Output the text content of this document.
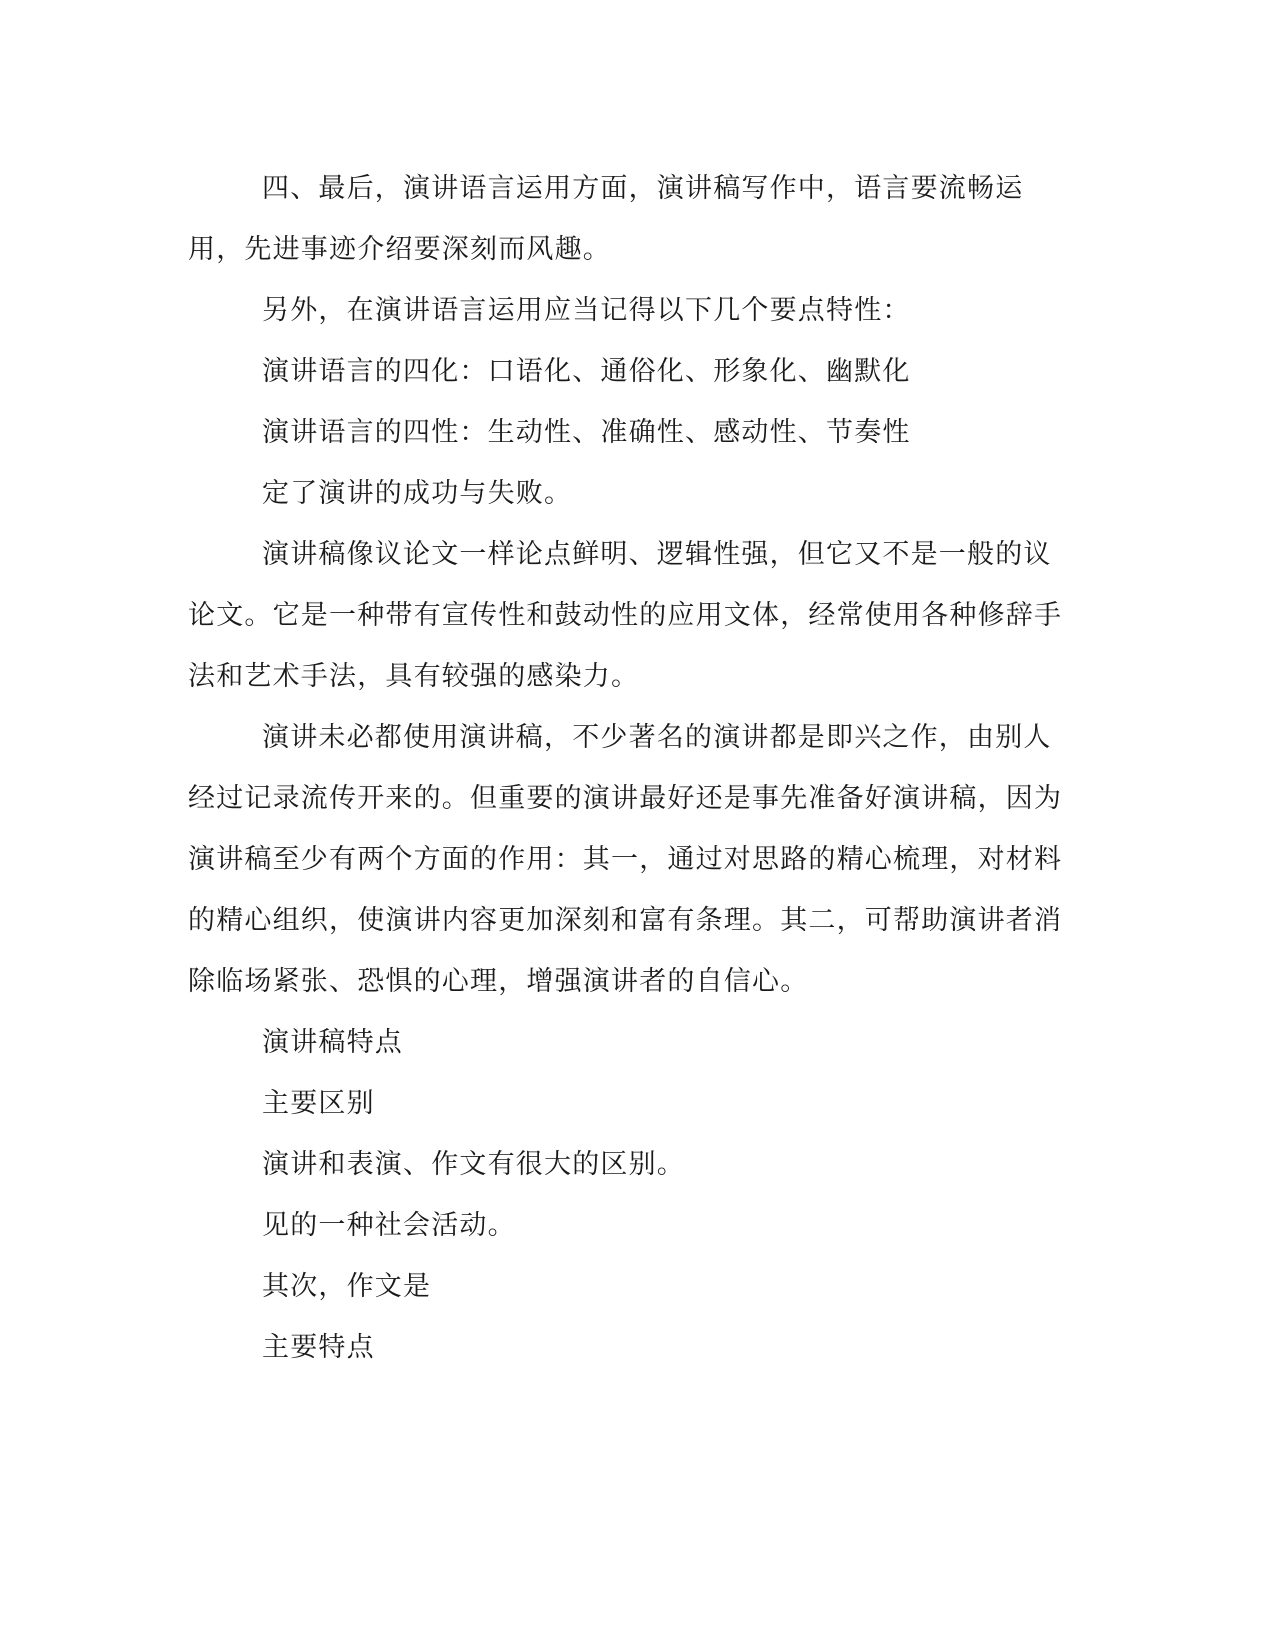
四、最后，演讲语言运用方面，演讲稿写作中，语言要流畅运用，先进事迹介绍要深刻而风趣。

另外，在演讲语言运用应当记得以下几个要点特性：

演讲语言的四化：口语化、通俗化、形象化、幽默化

演讲语言的四性：生动性、准确性、感动性、节奏性

定了演讲的成功与失败。

演讲稿像议论文一样论点鲜明、逻辑性强，但它又不是一般的议论文。它是一种带有宣传性和鼓动性的应用文体，经常使用各种修辞手法和艺术手法，具有较强的感染力。

演讲未必都使用演讲稿，不少著名的演讲都是即兴之作，由别人经过记录流传开来的。但重要的演讲最好还是事先准备好演讲稿，因为演讲稿至少有两个方面的作用：其一，通过对思路的精心梳理，对材料的精心组织，使演讲内容更加深刻和富有条理。其二，可帮助演讲者消除临场紧张、恐惧的心理，增强演讲者的自信心。

演讲稿特点

主要区别

演讲和表演、作文有很大的区别。

见的一种社会活动。

其次，作文是

主要特点
